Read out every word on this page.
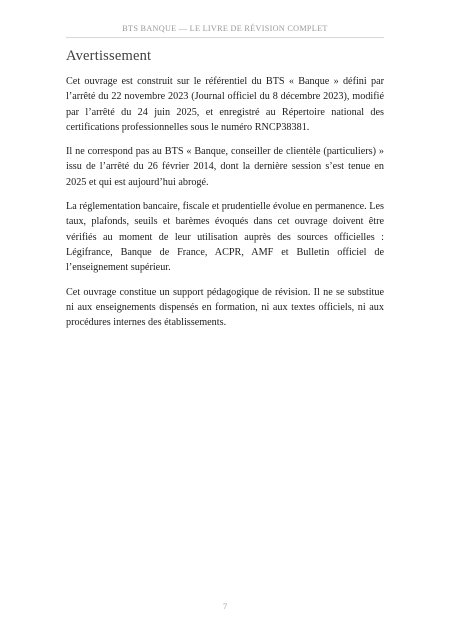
BTS BANQUE — LE LIVRE DE RÉVISION COMPLET
Avertissement

Cet ouvrage est construit sur le référentiel du BTS « Banque » défini par l’arrêté du 22 novembre 2023 (Journal officiel du 8 décembre 2023), modifié par l’arrêté du 24 juin 2025, et enregistré au Répertoire national des certifications professionnelles sous le numéro RNCP38381.

Il ne correspond pas au BTS « Banque, conseiller de clientèle (particuliers) » issu de l’arrêté du 26 février 2014, dont la dernière session s’est tenue en 2025 et qui est aujourd’hui abrogé.

La réglementation bancaire, fiscale et prudentielle évolue en permanence. Les taux, plafonds, seuils et barèmes évoqués dans cet ouvrage doivent être vérifiés au moment de leur utilisation auprès des sources officielles : Légifrance, Banque de France, ACPR, AMF et Bulletin officiel de l’enseignement supérieur.

Cet ouvrage constitue un support pédagogique de révision. Il ne se substitue ni aux enseignements dispensés en formation, ni aux textes officiels, ni aux procédures internes des établissements.

7
